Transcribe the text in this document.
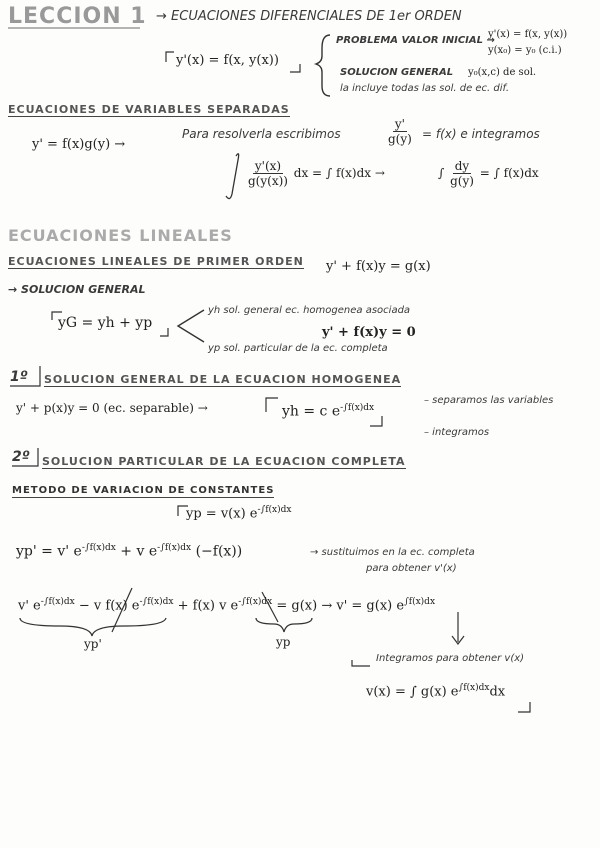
LECCION 1 → ECUACIONES DIFERENCIALES DE 1er ORDEN
y'(x) = f(x, y(x))
PROBLEMA VALOR INICIAL →
y'(x) = f(x, y(x))
y(x₀) = y₀ (c.i.)
SOLUCION GENERAL y₀(x,c) de sol.
la incluye todas las sol. de ec. dif.
ECUACIONES DE VARIABLES SEPARADAS
y' = f(x)g(y) →
Para resolverla escribimos	$\frac{y'}{g(y)} = f(x)$ e integramos
$\frac{y'(x)}{g(y(x))}$ dx = ∫ f(x)dx →	∫ $\frac{dy}{g(y)}$ = ∫ f(x)dx
ECUACIONES LINEALES
ECUACIONES LINEALES DE PRIMER ORDEN y' + f(x)y = g(x)
→ SOLUCION GENERAL
yG = yh + yp
yh sol. general ec. homogenea asociada
y' + f(x)y = 0
yp sol. particular de la ec. completa
1º SOLUCION GENERAL DE LA ECUACION HOMOGENEA
y' + p(x)y = 0 (ec. separable) →	yh = c $e^{-\int f(x)dx}$
– separamos las variables
– integramos
2º SOLUCION PARTICULAR DE LA ECUACION COMPLETA
METODO DE VARIACION DE CONSTANTES
yp = v(x) $e^{-\int f(x)dx}$
yp' = v' $e^{-\int f(x)dx} + v$ $e^{-\int f(x)dx}$ (−f(x))	→ sustituimos en la ec. completa
para obtener v'(x)
v' $e^{-\int f(x)dx} - v$ f(x) $e^{-\int f(x)dx} + f(x)$ v $e^{-\int f(x)dx} = g(x) \to v' = g(x)$ $e^{\int f(x)dx}$
yp'	yp
Integramos para obtener v(x)
v(x) = ∫ g(x) $e^{\int f(x)dx}dx$
